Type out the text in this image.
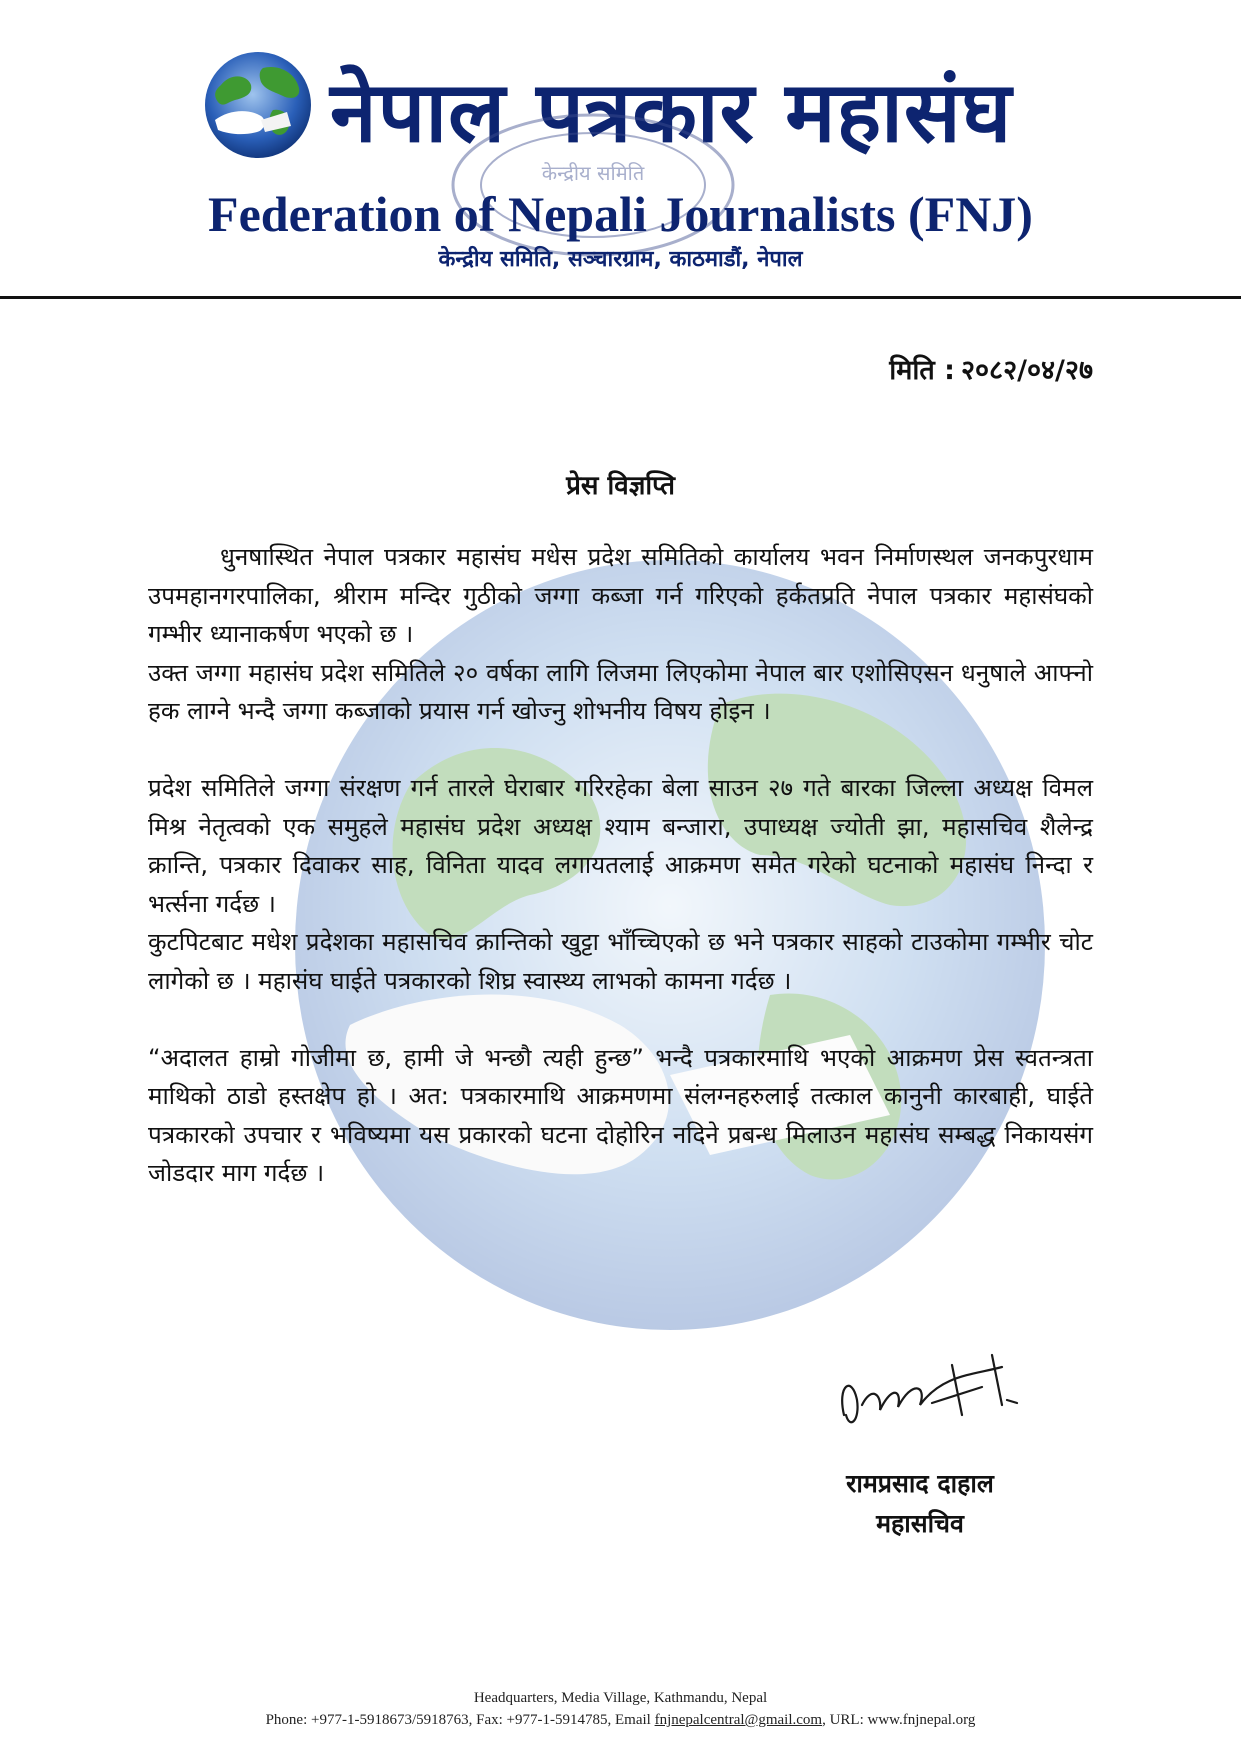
नेपाल पत्रकार महासंघ
केन्द्रीय समिति
Federation of Nepali Journalists (FNJ)
केन्द्रीय समिति, सञ्चारग्राम, काठमाडौं, नेपाल
मिति : २०८२/०४/२७
प्रेस विज्ञप्ति

धुनषास्थित नेपाल पत्रकार महासंघ मधेस प्रदेश समितिको कार्यालय भवन निर्माणस्थल जनकपुरधाम उपमहानगरपालिका, श्रीराम मन्दिर गुठीको जग्गा कब्जा गर्न गरिएको हर्कतप्रति नेपाल पत्रकार महासंघको गम्भीर ध्यानाकर्षण भएको छ ।

उक्त जग्गा महासंघ प्रदेश समितिले २० वर्षका लागि लिजमा लिएकोमा नेपाल बार एशोसिएसन धनुषाले आफ्नो हक लाग्ने भन्दै जग्गा कब्जाको प्रयास गर्न खोज्नु शोभनीय विषय होइन ।

प्रदेश समितिले जग्गा संरक्षण गर्न तारले घेराबार गरिरहेका बेला साउन २७ गते बारका जिल्ला अध्यक्ष विमल मिश्र नेतृत्वको एक समुहले महासंघ प्रदेश अध्यक्ष श्याम बन्जारा, उपाध्यक्ष ज्योती झा, महासचिव शैलेन्द्र क्रान्ति, पत्रकार दिवाकर साह, विनिता यादव लगायतलाई आक्रमण समेत गरेको घटनाको महासंघ निन्दा र भर्त्सना गर्दछ ।

कुटपिटबाट मधेश प्रदेशका महासचिव क्रान्तिको खुट्टा भाँच्चिएको छ भने पत्रकार साहको टाउकोमा गम्भीर चोट लागेको छ । महासंघ घाईते पत्रकारको शिघ्र स्वास्थ्य लाभको कामना गर्दछ ।

“अदालत हाम्रो गोजीमा छ, हामी जे भन्छौ त्यही हुन्छ” भन्दै पत्रकारमाथि भएको आक्रमण प्रेस स्वतन्त्रता माथिको ठाडो हस्तक्षेप हो । अत: पत्रकारमाथि आक्रमणमा संलग्नहरुलाई तत्काल कानुनी कारबाही, घाईते पत्रकारको उपचार र भविष्यमा यस प्रकारको घटना दोहोरिन नदिने प्रबन्ध मिलाउन महासंघ सम्बद्ध निकायसंग जोडदार माग गर्दछ ।

रामप्रसाद दाहाल
महासचिव
Headquarters, Media Village, Kathmandu, Nepal
Phone: +977-1-5918673/5918763, Fax: +977-1-5914785, Email fnjnepalcentral@gmail.com, URL: www.fnjnepal.org
